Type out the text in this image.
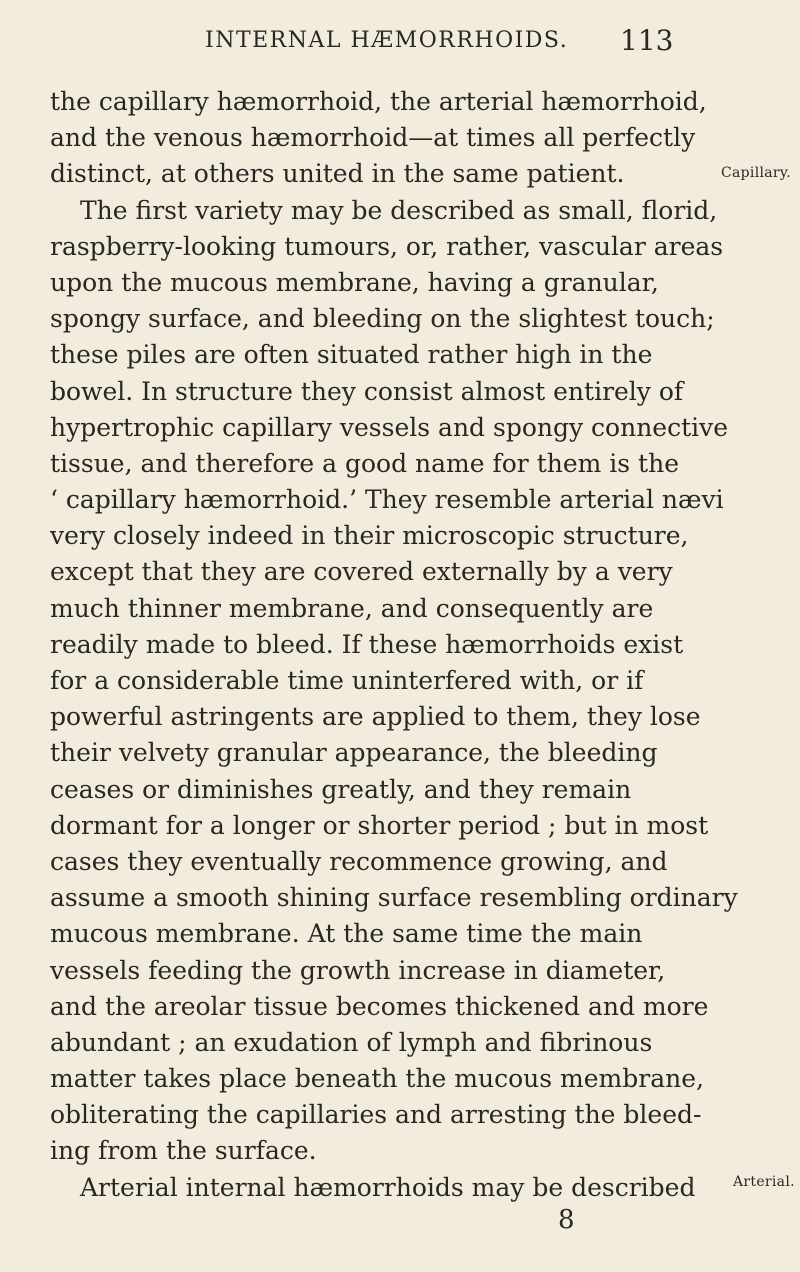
INTERNAL HÆMORRHOIDS. 113
the capillary hæmorrhoid, the arterial hæmorrhoid,
and the venous hæmorrhoid—at times all perfectly
distinct, at others united in the same patient.
The first variety may be described as small, florid,
raspberry-looking tumours, or, rather, vascular areas
upon the mucous membrane, having a granular,
spongy surface, and bleeding on the slightest touch;
these piles are often situated rather high in the
bowel. In structure they consist almost entirely of
hypertrophic capillary vessels and spongy connective
tissue, and therefore a good name for them is the
‘ capillary hæmorrhoid.’ They resemble arterial nævi
very closely indeed in their microscopic structure,
except that they are covered externally by a very
much thinner membrane, and consequently are
readily made to bleed. If these hæmorrhoids exist
for a considerable time uninterfered with, or if
powerful astringents are applied to them, they lose
their velvety granular appearance, the bleeding
ceases or diminishes greatly, and they remain
dormant for a longer or shorter period ; but in most
cases they eventually recommence growing, and
assume a smooth shining surface resembling ordinary
mucous membrane. At the same time the main
vessels feeding the growth increase in diameter,
and the areolar tissue becomes thickened and more
abundant ; an exudation of lymph and fibrinous
matter takes place beneath the mucous membrane,
obliterating the capillaries and arresting the bleed-
ing from the surface.
Arterial internal hæmorrhoids may be described
Capillary.
Arterial.
8
